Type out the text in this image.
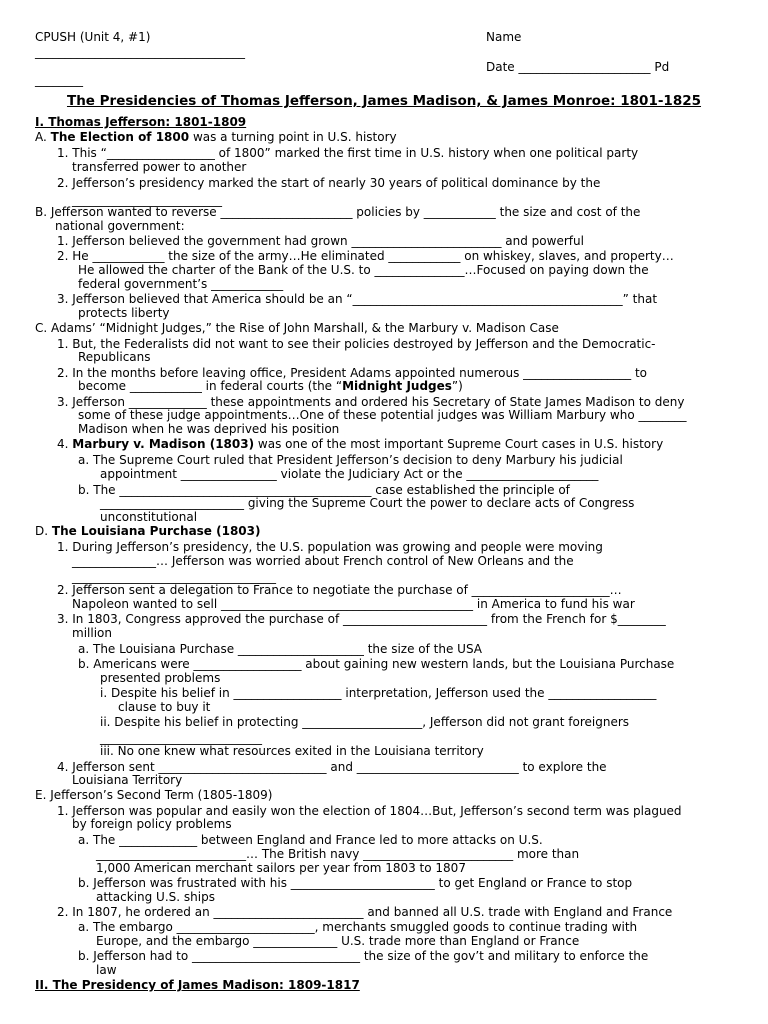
CPUSH (Unit 4, #1)
___________________________________
Name
Date ______________________ Pd
________
The Presidencies of Thomas Jefferson, James Madison, & James Monroe: 1801-1825
I. Thomas Jefferson: 1801-1809
A. The Election of 1800 was a turning point in U.S. history
1. This “__________________ of 1800” marked the first time in U.S. history when one political party
transferred power to another
2. Jefferson’s presidency marked the start of nearly 30 years of political dominance by the
_________________________
B. Jefferson wanted to reverse ______________________ policies by ____________ the size and cost of the
national government:
1. Jefferson believed the government had grown _________________________ and powerful
2. He ____________ the size of the army…He eliminated ____________ on whiskey, slaves, and property…
He allowed the charter of the Bank of the U.S. to _______________…Focused on paying down the
federal government’s ____________
3. Jefferson believed that America should be an “_____________________________________________” that
protects liberty
C. Adams’ “Midnight Judges,” the Rise of John Marshall, & the Marbury v. Madison Case
1. But, the Federalists did not want to see their policies destroyed by Jefferson and the Democratic-
Republicans
2. In the months before leaving office, President Adams appointed numerous __________________ to
become ____________ in federal courts (the “Midnight Judges”)
3. Jefferson _____________ these appointments and ordered his Secretary of State James Madison to deny
some of these judge appointments…One of these potential judges was William Marbury who ________
Madison when he was deprived his position
4. Marbury v. Madison (1803) was one of the most important Supreme Court cases in U.S. history
a. The Supreme Court ruled that President Jefferson’s decision to deny Marbury his judicial
appointment ________________ violate the Judiciary Act or the ______________________
b. The __________________________________________ case established the principle of
________________________ giving the Supreme Court the power to declare acts of Congress
unconstitutional
D. The Louisiana Purchase (1803)
1. During Jefferson’s presidency, the U.S. population was growing and people were moving
______________… Jefferson was worried about French control of New Orleans and the
__________________________________
2. Jefferson sent a delegation to France to negotiate the purchase of _______________________…
Napoleon wanted to sell __________________________________________ in America to fund his war
3. In 1803, Congress approved the purchase of ________________________ from the French for $________
million
a. The Louisiana Purchase _____________________ the size of the USA
b. Americans were __________________ about gaining new western lands, but the Louisiana Purchase
presented problems
i. Despite his belief in __________________ interpretation, Jefferson used the __________________
clause to buy it
ii. Despite his belief in protecting ____________________, Jefferson did not grant foreigners
___________________________
iii. No one knew what resources exited in the Louisiana territory
4. Jefferson sent ____________________________ and ___________________________ to explore the
Louisiana Territory
E. Jefferson’s Second Term (1805-1809)
1. Jefferson was popular and easily won the election of 1804…But, Jefferson’s second term was plagued
by foreign policy problems
a. The _____________ between England and France led to more attacks on U.S.
_________________________… The British navy _________________________ more than
1,000 American merchant sailors per year from 1803 to 1807
b. Jefferson was frustrated with his ________________________ to get England or France to stop
attacking U.S. ships
2. In 1807, he ordered an _________________________ and banned all U.S. trade with England and France
a. The embargo _______________________, merchants smuggled goods to continue trading with
Europe, and the embargo ______________ U.S. trade more than England or France
b. Jefferson had to ____________________________ the size of the gov’t and military to enforce the
law
II. The Presidency of James Madison: 1809-1817
